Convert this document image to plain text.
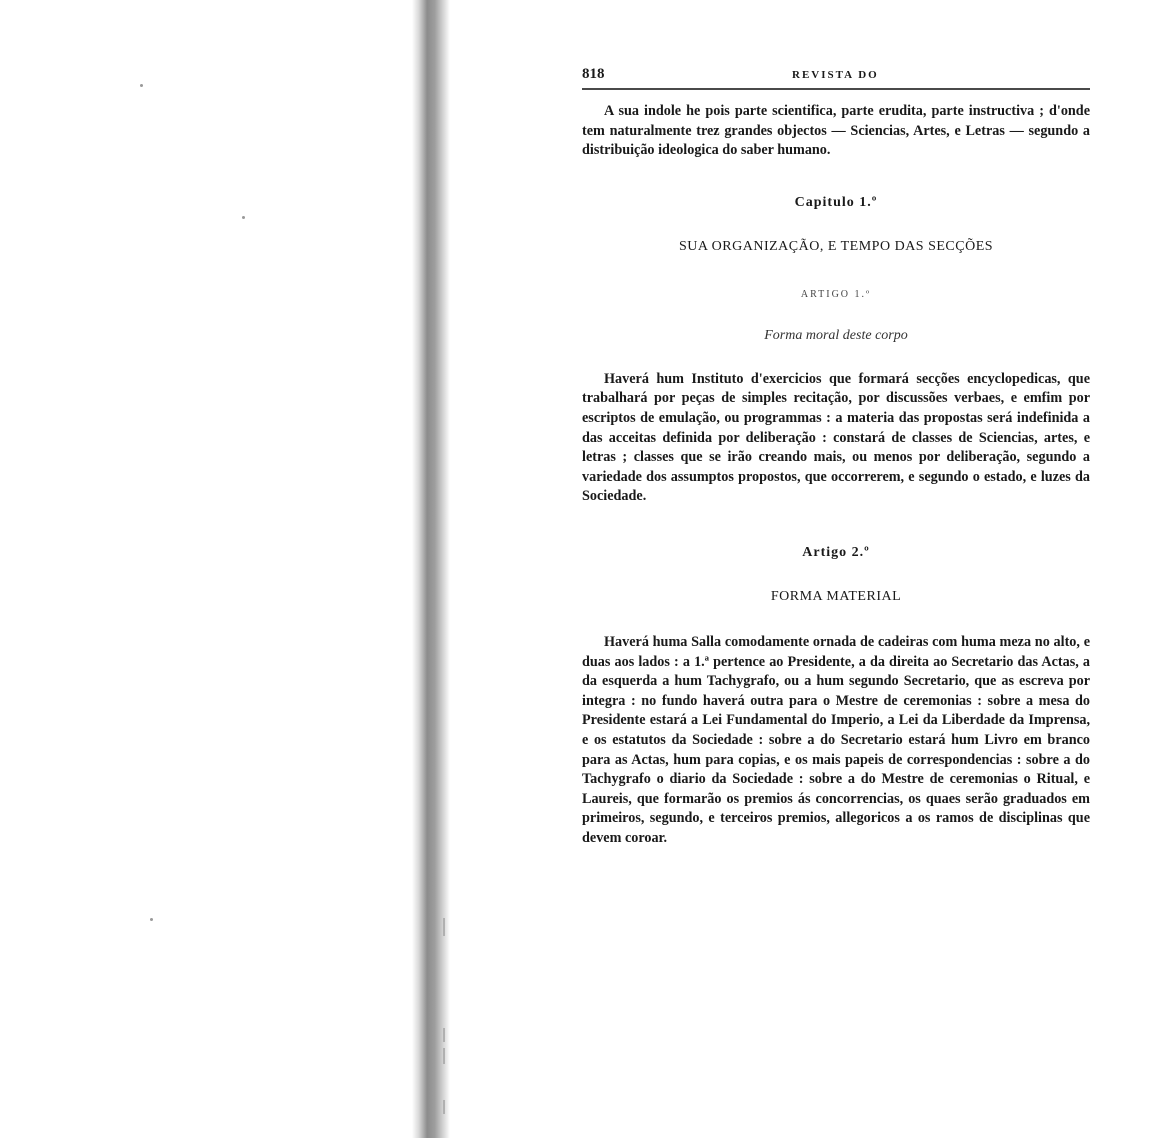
818	REVISTA DO

A sua indole he pois parte scientifica, parte erudita, parte instructiva ; d'onde tem naturalmente trez grandes objectos — Sciencias, Artes, e Letras — segundo a distribuição ideologica do saber humano.

Capitulo 1.º

SUA ORGANIZAÇÃO, E TEMPO DAS SECÇÕES

ARTIGO 1.º

Forma moral deste corpo

Haverá hum Instituto d'exercicios que formará secções encyclopedicas, que trabalhará por peças de simples recitação, por discussões verbaes, e emfim por escriptos de emulação, ou programmas : a materia das propostas será indefinida a das acceitas definida por deliberação : constará de classes de Sciencias, artes, e letras ; classes que se irão creando mais, ou menos por deliberação, segundo a variedade dos assumptos propostos, que occorrerem, e segundo o estado, e luzes da Sociedade.

Artigo 2.º

FORMA MATERIAL

Haverá huma Salla comodamente ornada de cadeiras com huma meza no alto, e duas aos lados : a 1.ª pertence ao Presidente, a da direita ao Secretario das Actas, a da esquerda a hum Tachygrafo, ou a hum segundo Secretario, que as escreva por integra : no fundo haverá outra para o Mestre de ceremonias : sobre a mesa do Presidente estará a Lei Fundamental do Imperio, a Lei da Liberdade da Imprensa, e os estatutos da Sociedade : sobre a do Secretario estará hum Livro em branco para as Actas, hum para copias, e os mais papeis de correspondencias : sobre a do Tachygrafo o diario da Sociedade : sobre a do Mestre de ceremonias o Ritual, e Laureis, que formarão os premios ás concorrencias, os quaes serão graduados em primeiros, segundo, e terceiros premios, allegoricos a os ramos de disciplinas que devem coroar.
